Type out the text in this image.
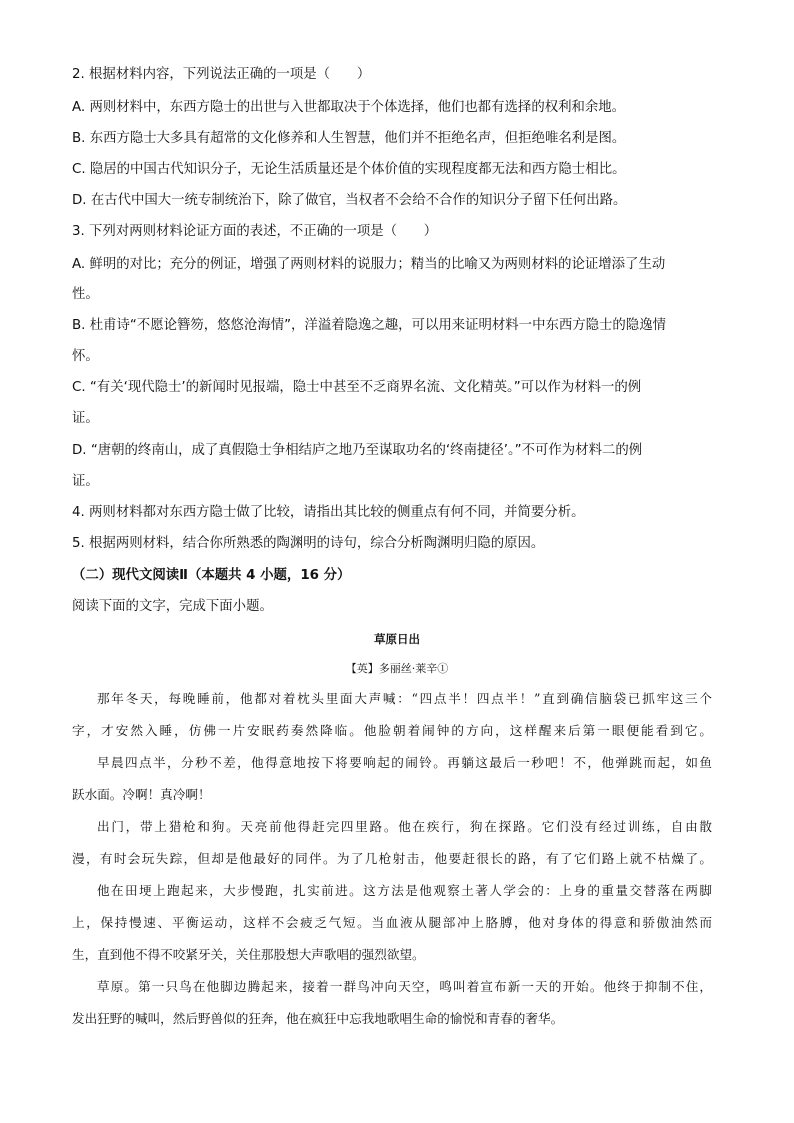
2. 根据材料内容，下列说法正确的一项是（　　）
A. 两则材料中，东西方隐士的出世与入世都取决于个体选择，他们也都有选择的权利和余地。
B. 东西方隐士大多具有超常的文化修养和人生智慧，他们并不拒绝名声，但拒绝唯名利是图。
C. 隐居的中国古代知识分子，无论生活质量还是个体价值的实现程度都无法和西方隐士相比。
D. 在古代中国大一统专制统治下，除了做官，当权者不会给不合作的知识分子留下任何出路。
3. 下列对两则材料论证方面的表述，不正确的一项是（　　）
A. 鲜明的对比；充分的例证，增强了两则材料的说服力；精当的比喻又为两则材料的论证增添了生动
性。
B. 杜甫诗“不愿论簪笏，悠悠沧海情”，洋溢着隐逸之趣，可以用来证明材料一中东西方隐士的隐逸情
怀。
C. “有关‘现代隐士’的新闻时见报端，隐士中甚至不乏商界名流、文化精英。”可以作为材料一的例
证。
D. “唐朝的终南山，成了真假隐士争相结庐之地乃至谋取功名的‘终南捷径’。”不可作为材料二的例
证。
4. 两则材料都对东西方隐士做了比较，请指出其比较的侧重点有何不同，并简要分析。
5. 根据两则材料，结合你所熟悉的陶渊明的诗句，综合分析陶渊明归隐的原因。
（二）现代文阅读Ⅱ（本题共 4 小题，16 分）
阅读下面的文字，完成下面小题。
草原日出
【英】多丽丝·莱辛①
那年冬天，每晚睡前，他都对着枕头里面大声喊：“四点半！四点半！”直到确信脑袋已抓牢这三个
字，才安然入睡，仿佛一片安眠药奏然降临。他脸朝着闹钟的方向，这样醒来后第一眼便能看到它。
早晨四点半，分秒不差，他得意地按下将要响起的闹铃。再躺这最后一秒吧！不，他弹跳而起，如鱼
跃水面。冷啊！真冷啊！
出门，带上猎枪和狗。天亮前他得赶完四里路。他在疾行，狗在探路。它们没有经过训练，自由散
漫，有时会玩失踪，但却是他最好的同伴。为了几枪射击，他要赶很长的路，有了它们路上就不枯燥了。
他在田埂上跑起来，大步慢跑，扎实前进。这方法是他观察土著人学会的：上身的重量交替落在两脚
上，保持慢速、平衡运动，这样不会疲乏气短。当血液从腿部冲上胳膊，他对身体的得意和骄傲油然而
生，直到他不得不咬紧牙关，关住那股想大声歌唱的强烈欲望。
草原。第一只鸟在他脚边腾起来，接着一群鸟冲向天空，鸣叫着宣布新一天的开始。他终于抑制不住，
发出狂野的喊叫，然后野兽似的狂奔，他在疯狂中忘我地歌唱生命的愉悦和青春的奢华。
